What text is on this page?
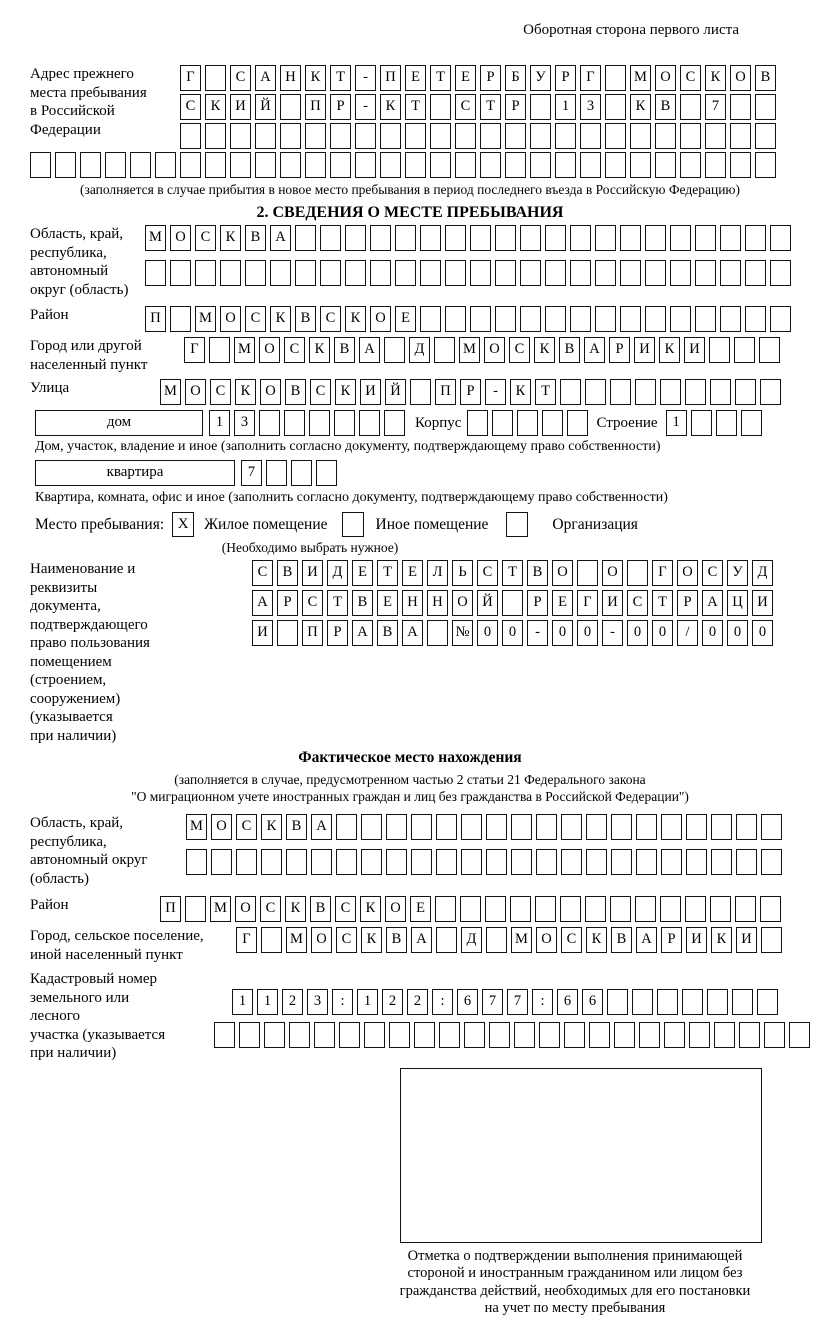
Оборотная сторона первого листа
Адрес прежнего
места пребывания
в Российской
Федерации
Г	С А Н К Т - П Е Т Е Р Б У Р Г	М О С К О В
С К И Й	П Р - К Т	С Т Р	1 3	К В	7
(заполняется в случае прибытия в новое место пребывания в период последнего въезда в Российскую Федерацию)
2. СВЕДЕНИЯ О МЕСТЕ ПРЕБЫВАНИЯ
Область, край,
республика,
автономный
округ (область)
М О С К В А
Район	П	М О С К В С К О Е
Город или другой
населенный пункт
Г	М О С К В А	Д	М О С К В А Р И К И
Улица	М О С К О В С К И Й	П Р - К Т
дом	1 3	Корпус	Строение 1
Дом, участок, владение и иное (заполнить согласно документу, подтверждающему право собственности)
квартира	7
Квартира, комната, офис и иное (заполнить согласно документу, подтверждающему право собственности)
Место пребывания: X	Жилое помещение	Иное помещение	Организация
(Необходимо выбрать нужное)
Наименование и реквизиты
документа, подтверждающего
право пользования
помещением (строением,
сооружением) (указывается
при наличии)
С В И Д Е Т Е Л Ь С Т В О	О	Г О С У Д
А Р С Т В Е Н Н О Й	Р Е Г И С Т Р А Ц И
И	П Р А В А	№ 0 0 - 0 0 - 0 0 / 0 0 0
Фактическое место нахождения
(заполняется в случае, предусмотренном частью 2 статьи 21 Федерального закона
"О миграционном учете иностранных граждан и лиц без гражданства в Российской Федерации")
Область, край,
республика,
автономный округ
(область)
М О С К В А
Район	П	М О С К В С К О Е
Город, сельское поселение,
иной населенный пункт
Г	М О С К В А	Д	М О С К В А Р И К И
Кадастровый номер
земельного или лесного
участка (указывается
при наличии)
1 1 2 3 : 1 2 2 : 6 7 7 : 6 6
Отметка о подтверждении выполнения принимающей
стороной и иностранным гражданином или лицом без
гражданства действий, необходимых для его постановки
на учет по месту пребывания
